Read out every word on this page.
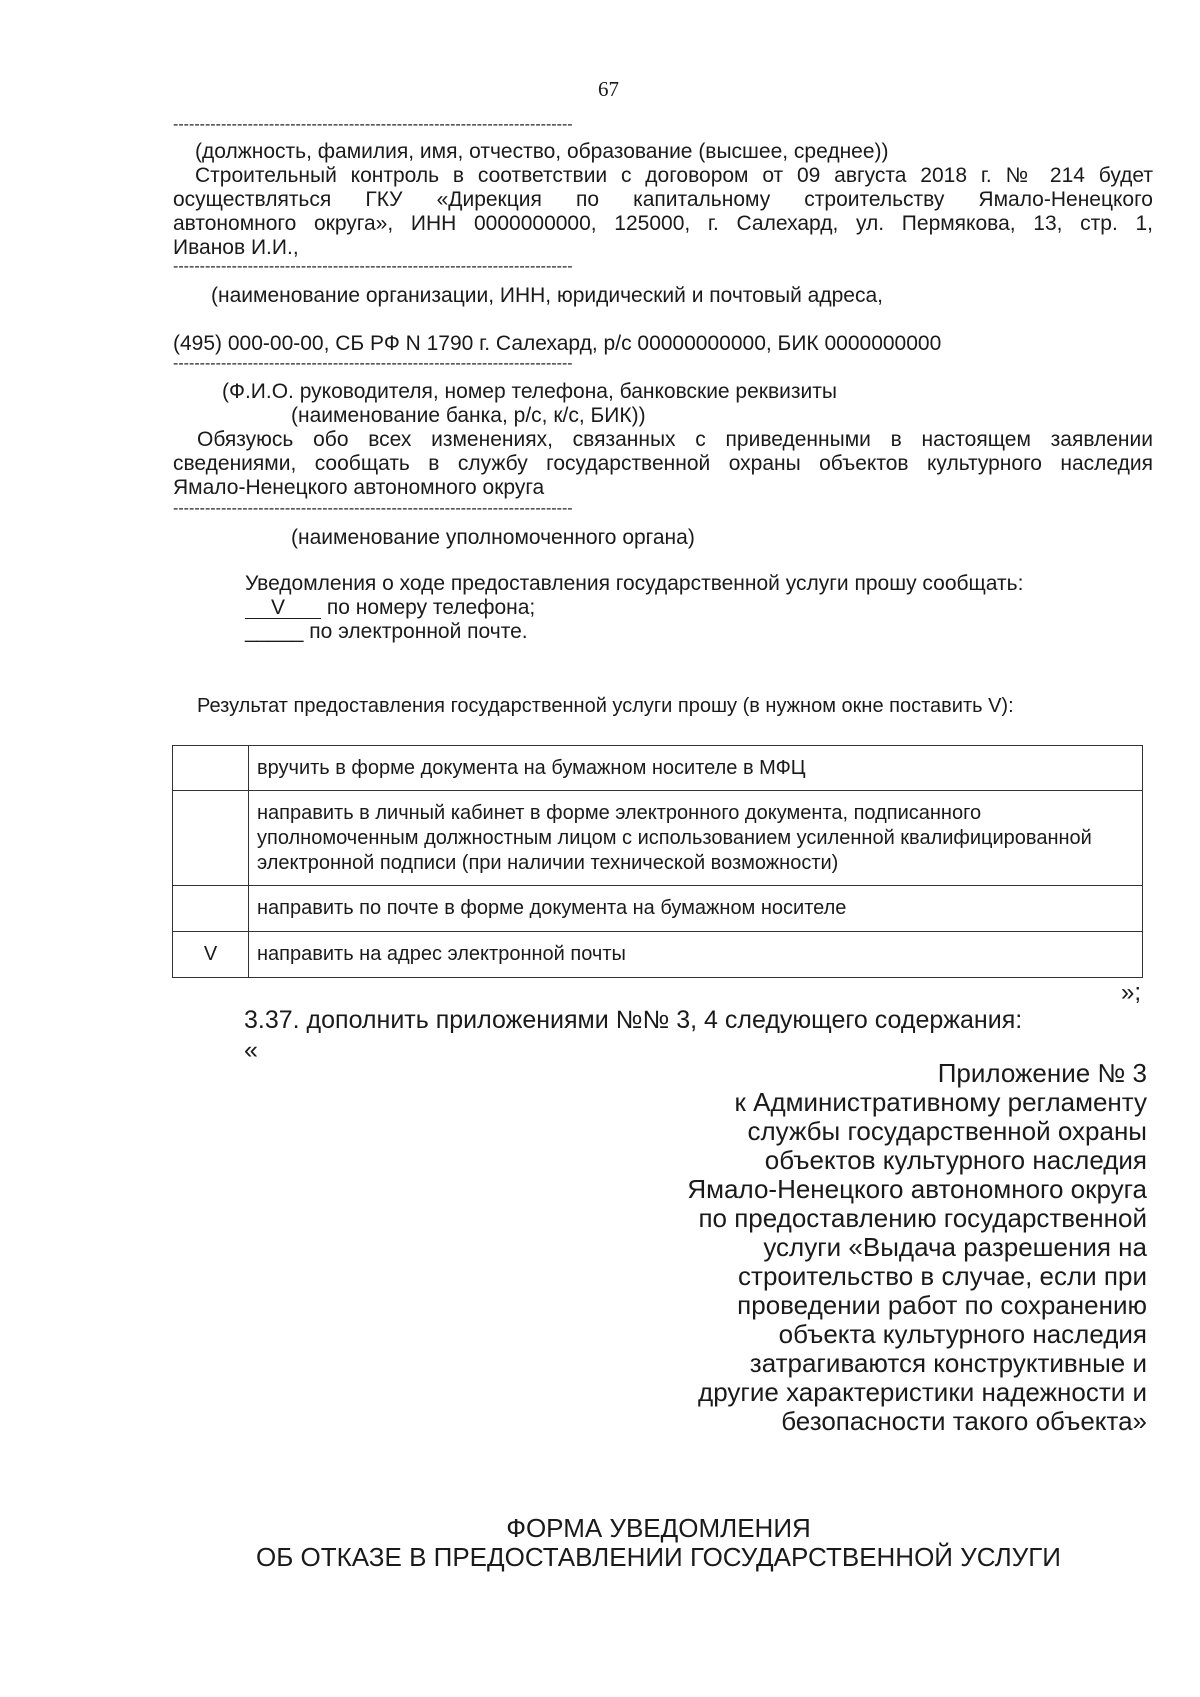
67
---------------------------------------------------------------------------
(должность, фамилия, имя, отчество, образование (высшее, среднее))
Строительный контроль в соответствии с договором от 09 августа 2018 г. № 214 будет
осуществляться ГКУ «Дирекция по капитальному строительству Ямало-Ненецкого
автономного округа», ИНН 0000000000, 125000, г. Салехард, ул. Пермякова, 13, стр. 1,
Иванов И.И.,
---------------------------------------------------------------------------
(наименование организации, ИНН, юридический и почтовый адреса,
(495) 000-00-00, СБ РФ N 1790 г. Салехард, р/с 00000000000, БИК 0000000000
---------------------------------------------------------------------------
(Ф.И.О. руководителя, номер телефона, банковские реквизиты
(наименование банка, р/с, к/с, БИК))
Обязуюсь обо всех изменениях, связанных с приведенными в настоящем заявлении
сведениями, сообщать в службу государственной охраны объектов культурного наследия
Ямало-Ненецкого автономного округа
---------------------------------------------------------------------------
(наименование уполномоченного органа)
Уведомления о ходе предоставления государственной услуги прошу сообщать:
V по номеру телефона;
_____ по электронной почте.
Результат предоставления государственной услуги прошу (в нужном окне поставить V):
	вручить в форме документа на бумажном носителе в МФЦ
	направить в личный кабинет в форме электронного документа, подписанного уполномоченным должностным лицом с использованием усиленной квалифицированной электронной подписи (при наличии технической возможности)
	направить по почте в форме документа на бумажном носителе
V	направить на адрес электронной почты
»;
3.37. дополнить приложениями №№ 3, 4 следующего содержания:
«
Приложение № 3
к Административному регламенту
службы государственной охраны
объектов культурного наследия
Ямало-Ненецкого автономного округа
по предоставлению государственной
услуги «Выдача разрешения на
строительство в случае, если при
проведении работ по сохранению
объекта культурного наследия
затрагиваются конструктивные и
другие характеристики надежности и
безопасности такого объекта»
ФОРМА УВЕДОМЛЕНИЯ
ОБ ОТКАЗЕ В ПРЕДОСТАВЛЕНИИ ГОСУДАРСТВЕННОЙ УСЛУГИ
